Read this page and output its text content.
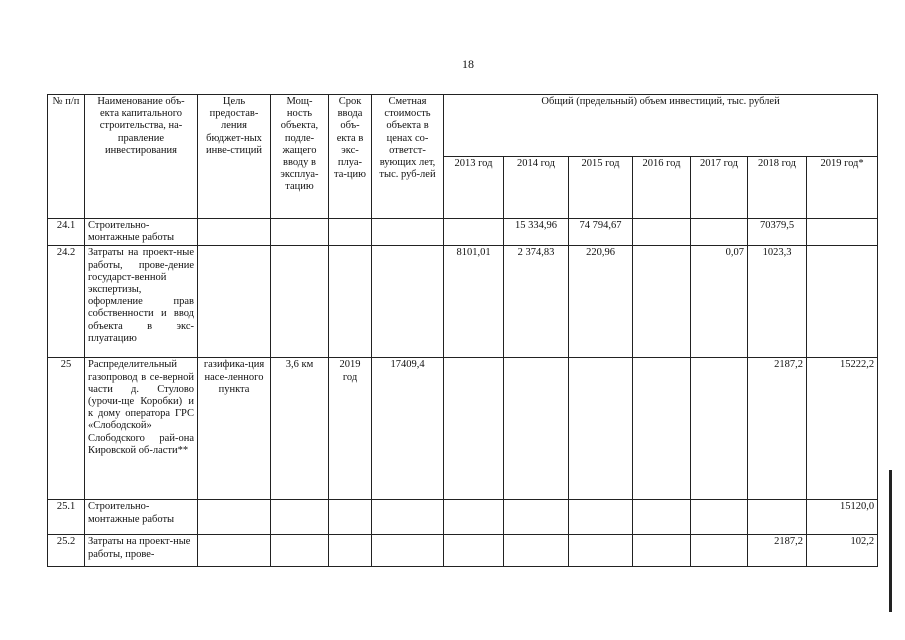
18
№ п/п	Наименование объ-екта капитального строительства, на-правление инвестирования	Цель предостав-ления бюджет-ных инве-стиций	Мощ-ность объекта, подле-жащего вводу в эксплуа-тацию	Срок ввода объ-екта в экс-плуа-та-цию	Сметная стоимость объекта в ценах со-ответст-вующих лет, тыс. руб-лей	Общий (предельный) объем инвестиций, тыс. рублей						
						2013 год	2014 год	2015 год	2016 год	2017 год	2018 год	2019 год*
24.1	Строительно-монтажные работы						15 334,96	74 794,67			70379,5	
24.2	Затраты на проект-ные работы, прове-дение государст-венной экспертизы, оформление прав собственности и ввод объекта в экс-плуатацию					8101,01	2 374,83	220,96		0,07	1023,3	
25	Распределительный газопровод в се-верной части д. Стулово (урочи-ще Коробки) и к дому оператора ГРС «Слободской» Слободского рай-она Кировской об-ласти**	газифика-ция насе-ленного пункта	3,6 км	2019 год	17409,4						2187,2	15222,2
25.1	Строительно-монтажные работы											15120,0
25.2	Затраты на проект-ные работы, прове-										2187,2	102,2
